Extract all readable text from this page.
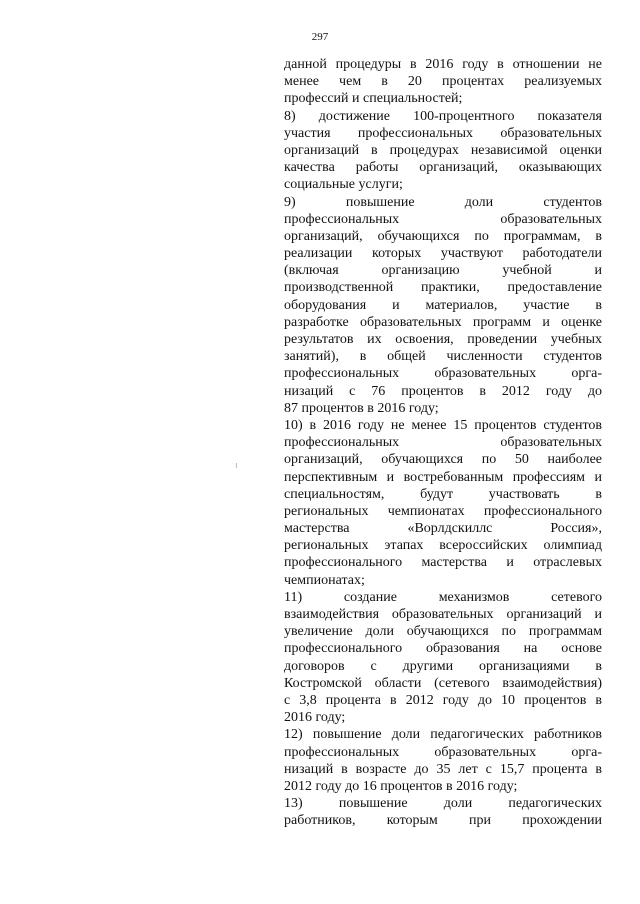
297
данной процедуры в 2016 году в отношении не
менее чем в 20 процентах реализуемых
профессий и специальностей;
8) достижение 100-процентного показателя
участия профессиональных образовательных
организаций в процедурах независимой оценки
качества работы организаций, оказывающих
социальные услуги;
9) повышение доли студентов
профессиональных образовательных
организаций, обучающихся по программам, в
реализации которых участвуют работодатели
(включая организацию учебной и
производственной практики, предоставление
оборудования и материалов, участие в
разработке образовательных программ и оценке
результатов их освоения, проведении учебных
занятий), в общей численности студентов
профессиональных образовательных орга-
низаций с 76 процентов в 2012 году до
87 процентов в 2016 году;
10) в 2016 году не менее 15 процентов студентов
профессиональных образовательных
организаций, обучающихся по 50 наиболее
перспективным и востребованным профессиям и
специальностям, будут участвовать в
региональных чемпионатах профессионального
мастерства «Ворлдскиллс Россия»,
региональных этапах всероссийских олимпиад
профессионального мастерства и отраслевых
чемпионатах;
11) создание механизмов сетевого
взаимодействия образовательных организаций и
увеличение доли обучающихся по программам
профессионального образования на основе
договоров с другими организациями в
Костромской области (сетевого взаимодействия)
с 3,8 процента в 2012 году до 10 процентов в
2016 году;
12) повышение доли педагогических работников
профессиональных образовательных орга-
низаций в возрасте до 35 лет с 15,7 процента в
2012 году до 16 процентов в 2016 году;
13) повышение доли педагогических
работников, которым при прохождении
